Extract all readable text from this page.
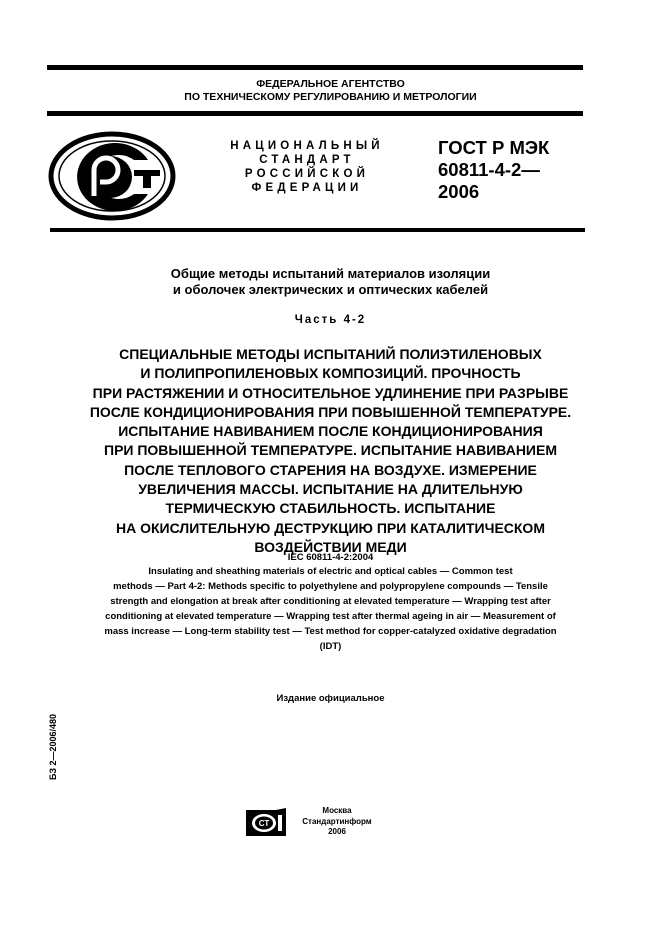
ФЕДЕРАЛЬНОЕ АГЕНТСТВО
ПО ТЕХНИЧЕСКОМУ РЕГУЛИРОВАНИЮ И МЕТРОЛОГИИ
НАЦИОНАЛЬНЫЙ
СТАНДАРТ
РОССИЙСКОЙ
ФЕДЕРАЦИИ
ГОСТ Р МЭК
60811-4-2—
2006
Общие методы испытаний материалов изоляции
и оболочек электрических и оптических кабелей
Часть 4-2
СПЕЦИАЛЬНЫЕ МЕТОДЫ ИСПЫТАНИЙ ПОЛИЭТИЛЕНОВЫХ
И ПОЛИПРОПИЛЕНОВЫХ КОМПОЗИЦИЙ. ПРОЧНОСТЬ
ПРИ РАСТЯЖЕНИИ И ОТНОСИТЕЛЬНОЕ УДЛИНЕНИЕ ПРИ РАЗРЫВЕ
ПОСЛЕ КОНДИЦИОНИРОВАНИЯ ПРИ ПОВЫШЕННОЙ ТЕМПЕРАТУРЕ.
ИСПЫТАНИЕ НАВИВАНИЕМ ПОСЛЕ КОНДИЦИОНИРОВАНИЯ
ПРИ ПОВЫШЕННОЙ ТЕМПЕРАТУРЕ. ИСПЫТАНИЕ НАВИВАНИЕМ
ПОСЛЕ ТЕПЛОВОГО СТАРЕНИЯ НА ВОЗДУХЕ. ИЗМЕРЕНИЕ
УВЕЛИЧЕНИЯ МАССЫ. ИСПЫТАНИЕ НА ДЛИТЕЛЬНУЮ
ТЕРМИЧЕСКУЮ СТАБИЛЬНОСТЬ. ИСПЫТАНИЕ
НА ОКИСЛИТЕЛЬНУЮ ДЕСТРУКЦИЮ ПРИ КАТАЛИТИЧЕСКОМ
ВОЗДЕЙСТВИИ МЕДИ
IEC 60811-4-2:2004
Insulating and sheathing materials of electric and optical cables — Common test
methods — Part 4-2: Methods specific to polyethylene and polypropylene compounds — Tensile
strength and elongation at break after conditioning at elevated temperature — Wrapping test after
conditioning at elevated temperature — Wrapping test after thermal ageing in air — Measurement of
mass increase — Long-term stability test — Test method for copper-catalyzed oxidative degradation
(IDT)
Издание официальное
БЗ 2—2006/480
СТ
Москва
Стандартинформ
2006
